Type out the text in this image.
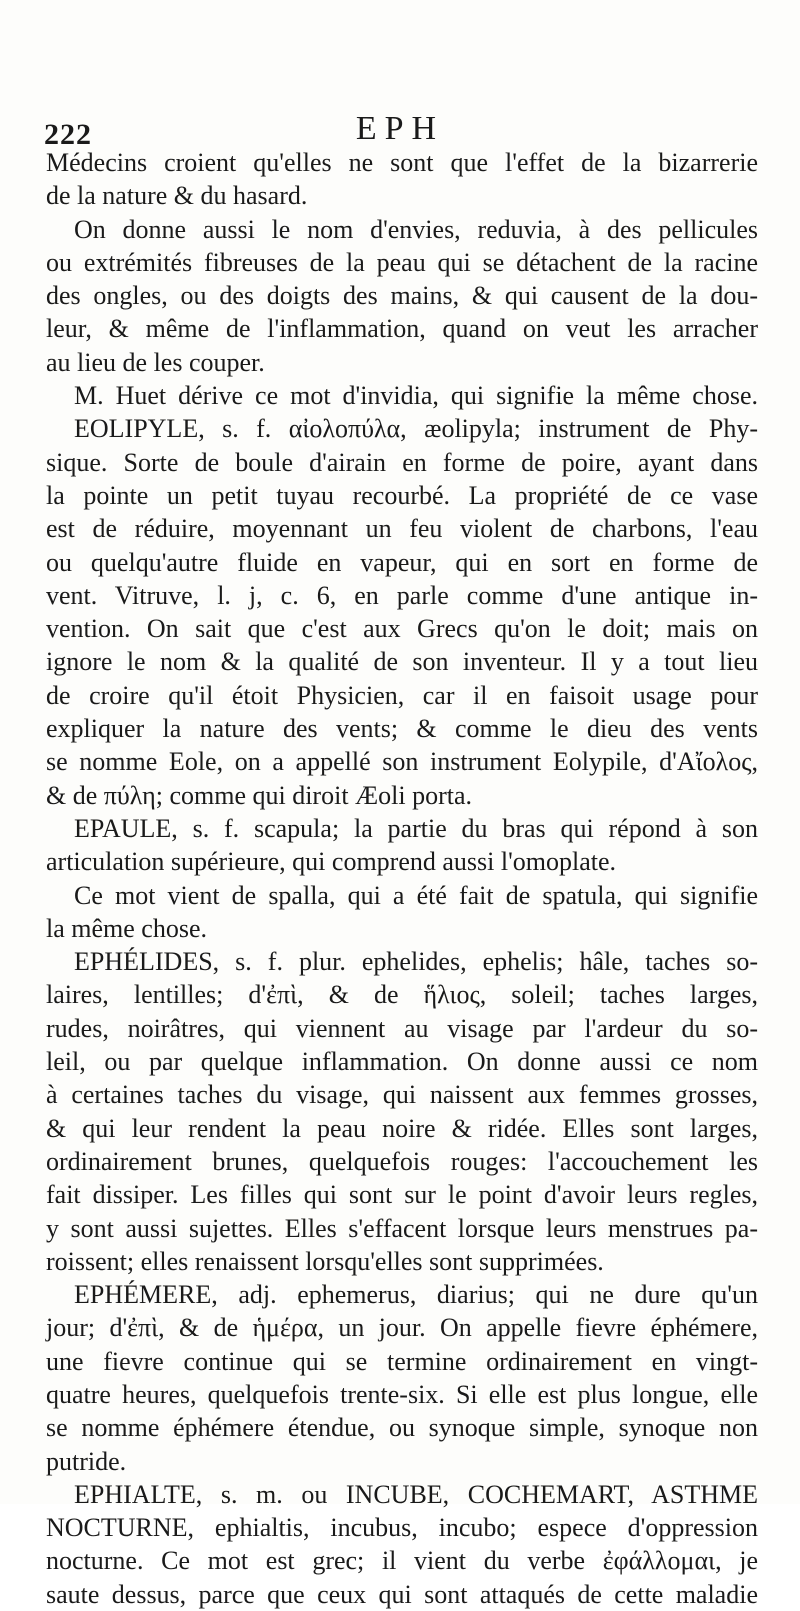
222	EPH
Médecins croient qu'elles ne sont que l'effet de la bizarrerie
de la nature & du hasard.
On donne aussi le nom d'envies, reduvia, à des pellicules
ou extrémités fibreuses de la peau qui se détachent de la racine
des ongles, ou des doigts des mains, & qui causent de la dou-
leur, & même de l'inflammation, quand on veut les arracher
au lieu de les couper.
M. Huet dérive ce mot d'invidia, qui signifie la même chose.
EOLIPYLE, s. f. αἰολοπύλα, æolipyla; instrument de Phy-
sique. Sorte de boule d'airain en forme de poire, ayant dans
la pointe un petit tuyau recourbé. La propriété de ce vase
est de réduire, moyennant un feu violent de charbons, l'eau
ou quelqu'autre fluide en vapeur, qui en sort en forme de
vent. Vitruve, l. j, c. 6, en parle comme d'une antique in-
vention. On sait que c'est aux Grecs qu'on le doit; mais on
ignore le nom & la qualité de son inventeur. Il y a tout lieu
de croire qu'il étoit Physicien, car il en faisoit usage pour
expliquer la nature des vents; & comme le dieu des vents
se nomme Eole, on a appellé son instrument Eolypile, d'Αἴολος,
& de πύλη; comme qui diroit Æoli porta.
EPAULE, s. f. scapula; la partie du bras qui répond à son
articulation supérieure, qui comprend aussi l'omoplate.
Ce mot vient de spalla, qui a été fait de spatula, qui signifie
la même chose.
EPHÉLIDES, s. f. plur. ephelides, ephelis; hâle, taches so-
laires, lentilles; d'ἐπὶ, & de ἥλιος, soleil; taches larges,
rudes, noirâtres, qui viennent au visage par l'ardeur du so-
leil, ou par quelque inflammation. On donne aussi ce nom
à certaines taches du visage, qui naissent aux femmes grosses,
& qui leur rendent la peau noire & ridée. Elles sont larges,
ordinairement brunes, quelquefois rouges: l'accouchement les
fait dissiper. Les filles qui sont sur le point d'avoir leurs regles,
y sont aussi sujettes. Elles s'effacent lorsque leurs menstrues pa-
roissent; elles renaissent lorsqu'elles sont supprimées.
EPHÉMERE, adj. ephemerus, diarius; qui ne dure qu'un
jour; d'ἐπὶ, & de ἡμέρα, un jour. On appelle fievre éphémere,
une fievre continue qui se termine ordinairement en vingt-
quatre heures, quelquefois trente-six. Si elle est plus longue, elle
se nomme éphémere étendue, ou synoque simple, synoque non
putride.
EPHIALTE, s. m. ou INCUBE, COCHEMART, ASTHME
NOCTURNE, ephialtis, incubus, incubo; espece d'oppression
nocturne. Ce mot est grec; il vient du verbe ἐφάλλομαι, je
saute dessus, parce que ceux qui sont attaqués de cette maladie
